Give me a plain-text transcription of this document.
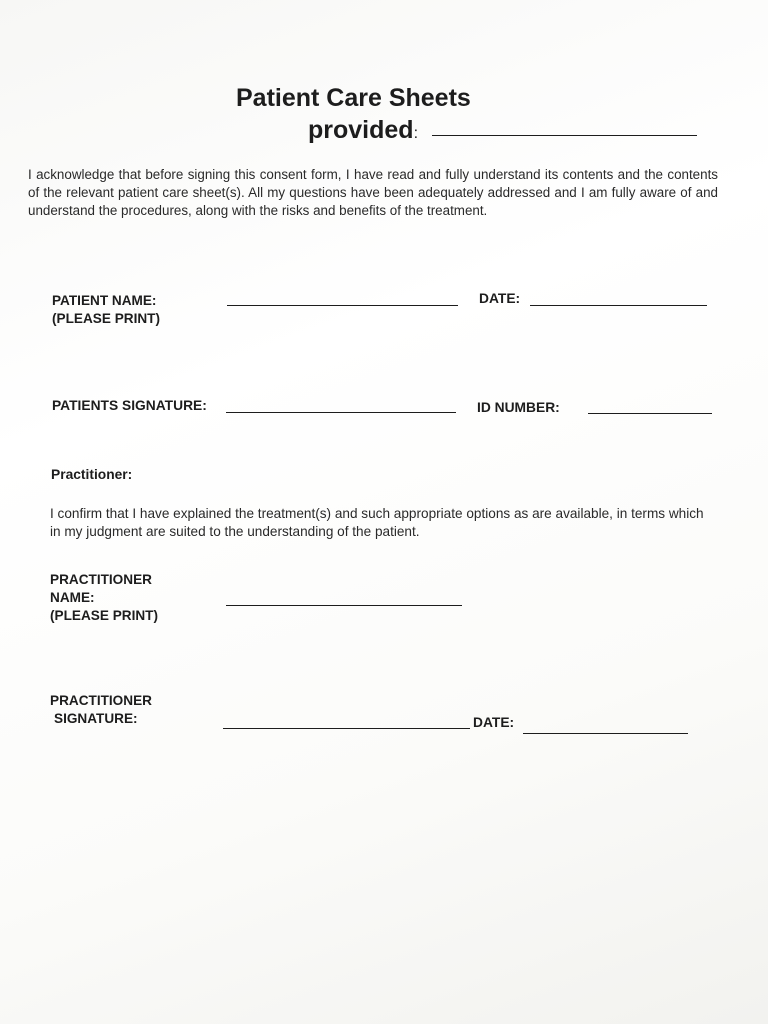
Patient Care Sheets
provided:
I acknowledge that before signing this consent form, I have read and fully understand its contents and the contents of the relevant patient care sheet(s). All my questions have been adequately addressed and I am fully aware of and understand the procedures, along with the risks and benefits of the treatment.
PATIENT NAME:
(PLEASE PRINT)
DATE:
PATIENTS SIGNATURE:	ID NUMBER:
Practitioner:
I confirm that I have explained the treatment(s) and such appropriate options as are available, in terms which in my judgment are suited to the understanding of the patient.
PRACTITIONER
NAME:
(PLEASE PRINT)
PRACTITIONER
SIGNATURE:	DATE:
